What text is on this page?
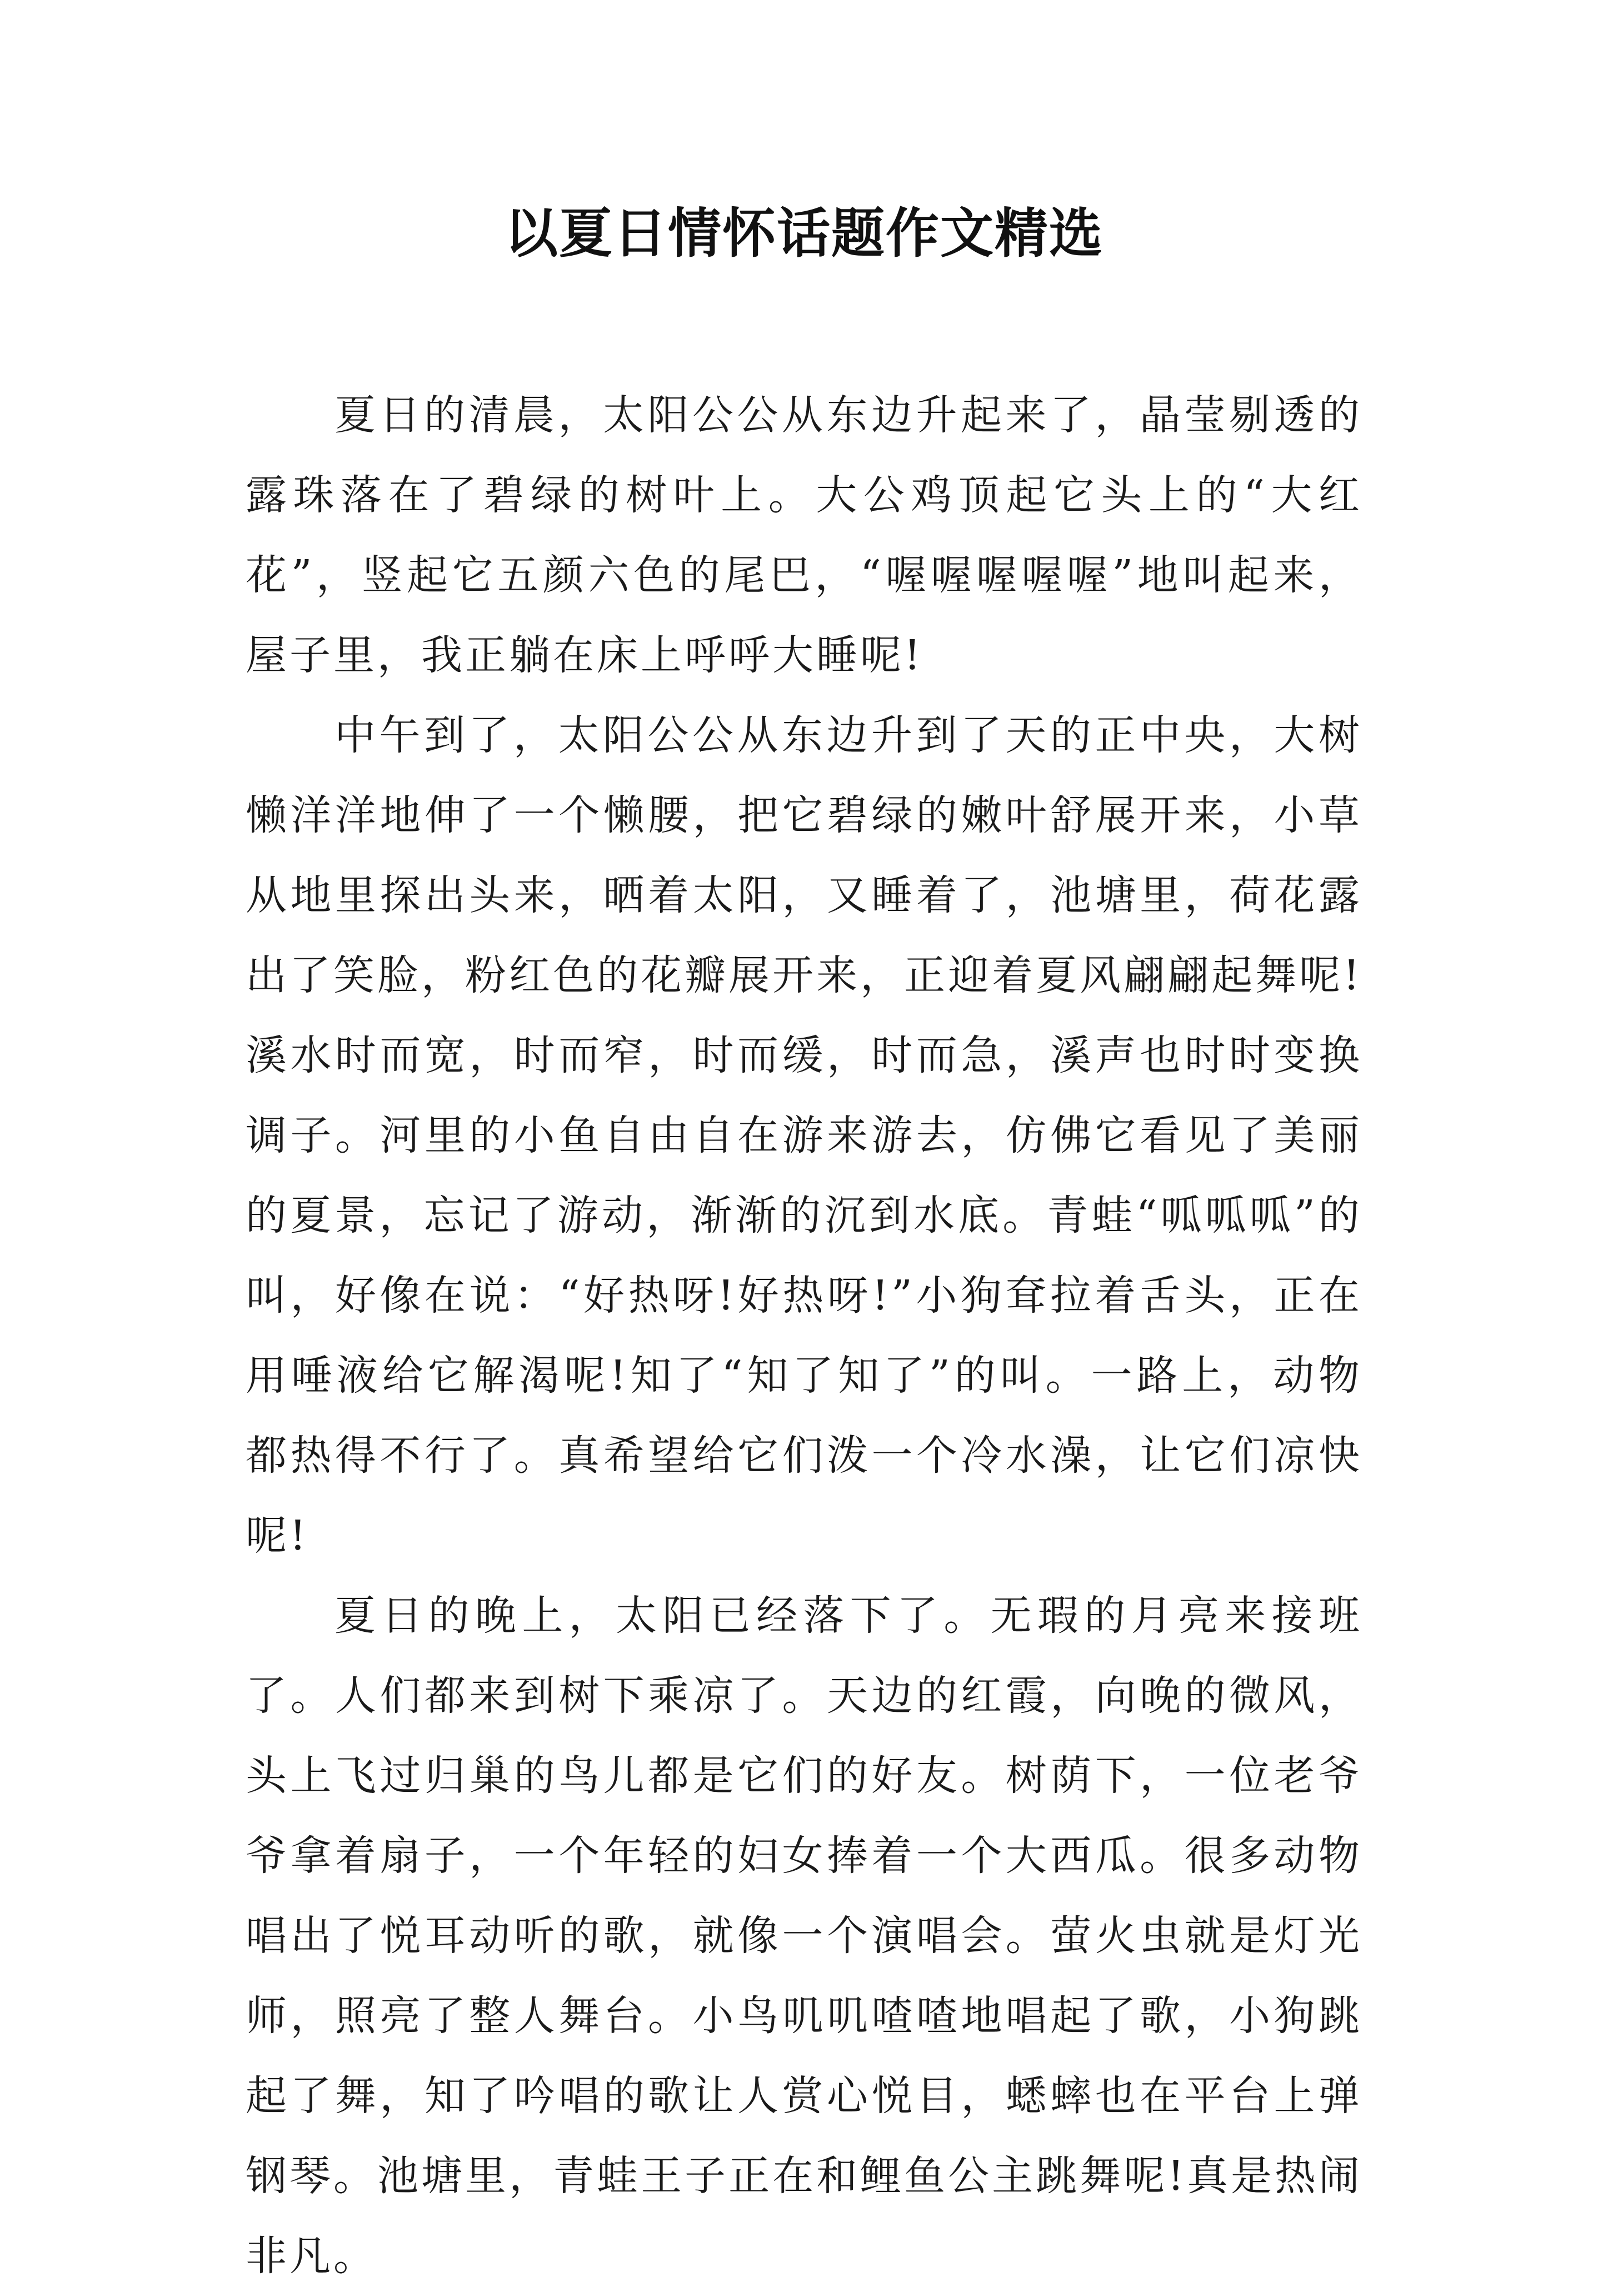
以夏日情怀话题作文精选

夏日的清晨，太阳公公从东边升起来了，晶莹剔透的露珠落在了碧绿的树叶上。大公鸡顶起它头上的“大红花”，竖起它五颜六色的尾巴，“喔喔喔喔喔”地叫起来，屋子里，我正躺在床上呼呼大睡呢!

中午到了，太阳公公从东边升到了天的正中央，大树懒洋洋地伸了一个懒腰，把它碧绿的嫩叶舒展开来，小草从地里探出头来，晒着太阳，又睡着了，池塘里，荷花露出了笑脸，粉红色的花瓣展开来，正迎着夏风翩翩起舞呢!溪水时而宽，时而窄，时而缓，时而急，溪声也时时变换调子。河里的小鱼自由自在游来游去，仿佛它看见了美丽的夏景，忘记了游动，渐渐的沉到水底。青蛙“呱呱呱”的叫，好像在说：“好热呀!好热呀!”小狗耷拉着舌头，正在用唾液给它解渴呢!知了“知了知了”的叫。一路上，动物都热得不行了。真希望给它们泼一个冷水澡，让它们凉快呢!

夏日的晚上，太阳已经落下了。无瑕的月亮来接班了。人们都来到树下乘凉了。天边的红霞，向晚的微风，头上飞过归巢的鸟儿都是它们的好友。树荫下，一位老爷爷拿着扇子，一个年轻的妇女捧着一个大西瓜。很多动物唱出了悦耳动听的歌，就像一个演唱会。萤火虫就是灯光师，照亮了整人舞台。小鸟叽叽喳喳地唱起了歌，小狗跳起了舞，知了吟唱的歌让人赏心悦目，蟋蟀也在平台上弹钢琴。池塘里，青蛙王子正在和鲤鱼公主跳舞呢!真是热闹非凡。
